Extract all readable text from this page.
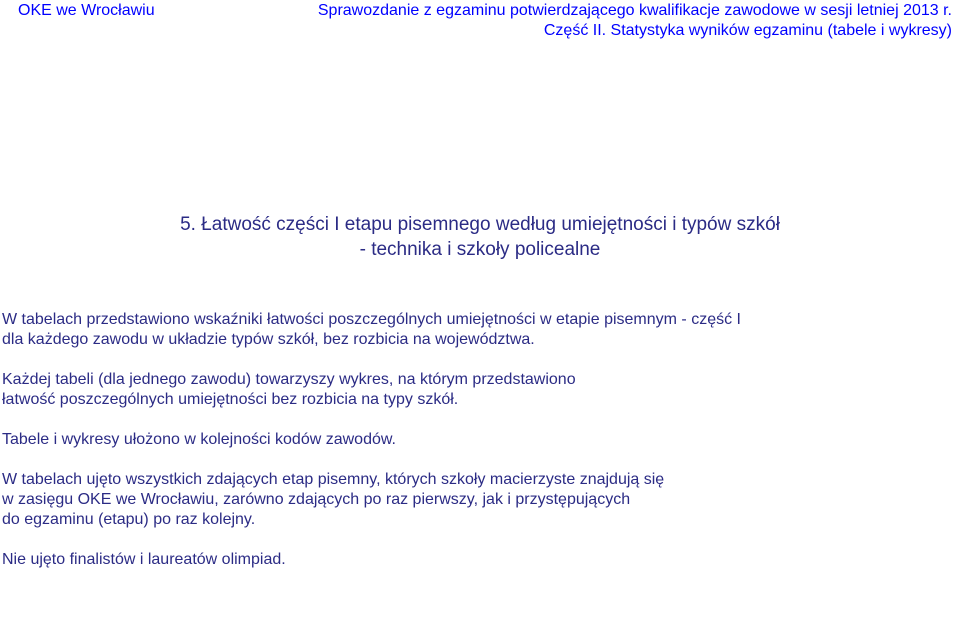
OKE we Wrocławiu	Sprawozdanie z egzaminu potwierdzającego kwalifikacje zawodowe w sesji letniej 2013 r.
Część II. Statystyka wyników egzaminu (tabele i wykresy)
5. Łatwość części I etapu pisemnego według umiejętności i typów szkół
- technika i szkoły policealne
W tabelach przedstawiono wskaźniki łatwości poszczególnych umiejętności w etapie pisemnym - część I
dla każdego zawodu w układzie typów szkół, bez rozbicia na województwa.
Każdej tabeli (dla jednego zawodu) towarzyszy wykres, na którym przedstawiono
łatwość poszczególnych umiejętności bez rozbicia na typy szkół.
Tabele i wykresy ułożono w kolejności kodów zawodów.
W tabelach ujęto wszystkich zdających etap pisemny, których szkoły macierzyste znajdują się
w zasięgu OKE we Wrocławiu, zarówno zdających po raz pierwszy, jak i przystępujących
do egzaminu (etapu) po raz kolejny.
Nie ujęto finalistów i laureatów olimpiad.
